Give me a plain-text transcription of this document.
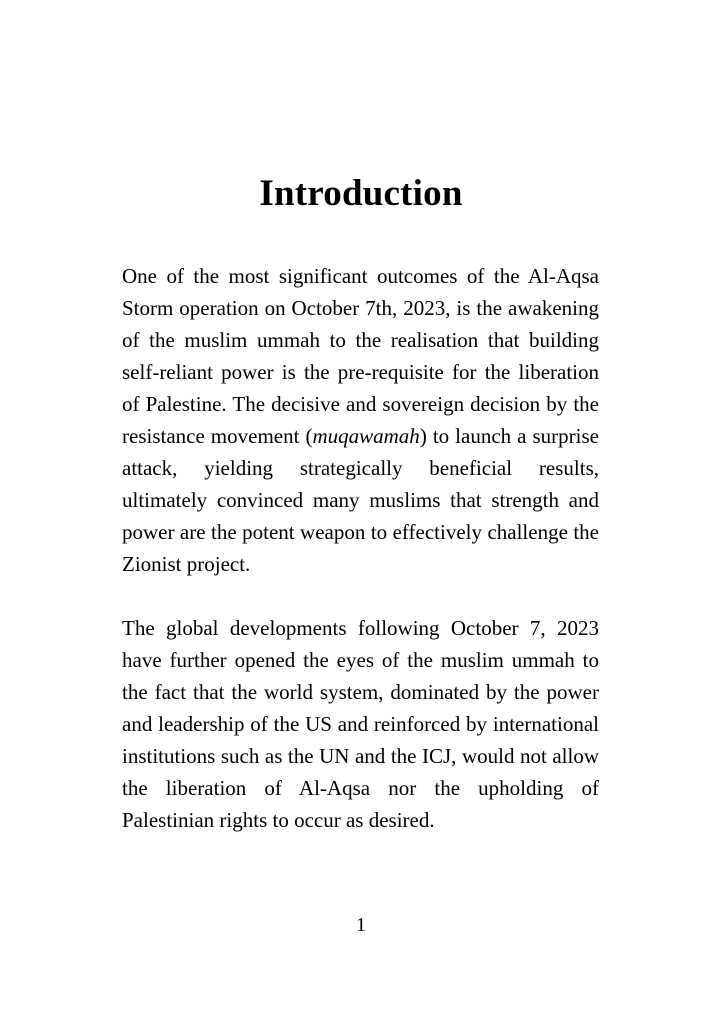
Introduction

One of the most significant outcomes of the Al-Aqsa Storm operation on October 7th, 2023, is the awakening of the muslim ummah to the realisation that building self-reliant power is the pre-requisite for the liberation of Palestine. The decisive and sovereign decision by the resistance movement (muqawamah) to launch a surprise attack, yielding strategically beneficial results, ultimately convinced many muslims that strength and power are the potent weapon to effectively challenge the Zionist project.

The global developments following October 7, 2023 have further opened the eyes of the muslim ummah to the fact that the world system, dominated by the power and leadership of the US and reinforced by international institutions such as the UN and the ICJ, would not allow the liberation of Al-Aqsa nor the upholding of Palestinian rights to occur as desired.

1
